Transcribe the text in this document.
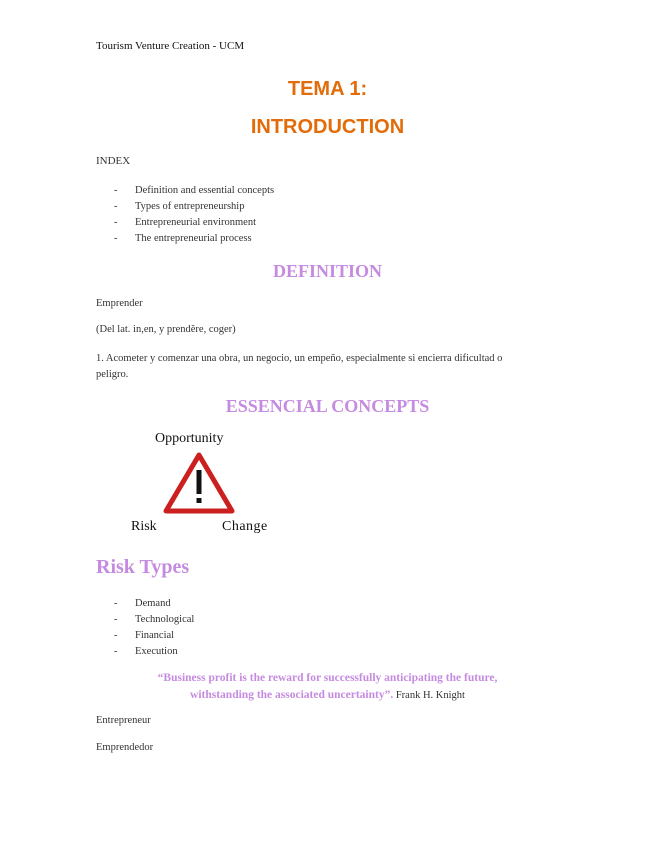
Tourism Venture Creation - UCM
TEMA 1:
INTRODUCTION
INDEX
- Definition and essential concepts
- Types of entrepreneurship
- Entrepreneurial environment
- The entrepreneurial process
DEFINITION
Emprender
(Del lat. in,en, y prendĕre, coger)
1. Acometer y comenzar una obra, un negocio, un empeño, especialmente si encierra dificultad o peligro.
ESSENCIAL CONCEPTS
Opportunity
Risk	Change
Risk Types
- Demand
- Technological
- Financial
- Execution
“Business profit is the reward for successfully anticipating the future,
withstanding the associated uncertainty”. Frank H. Knight
Entrepreneur
Emprendedor
